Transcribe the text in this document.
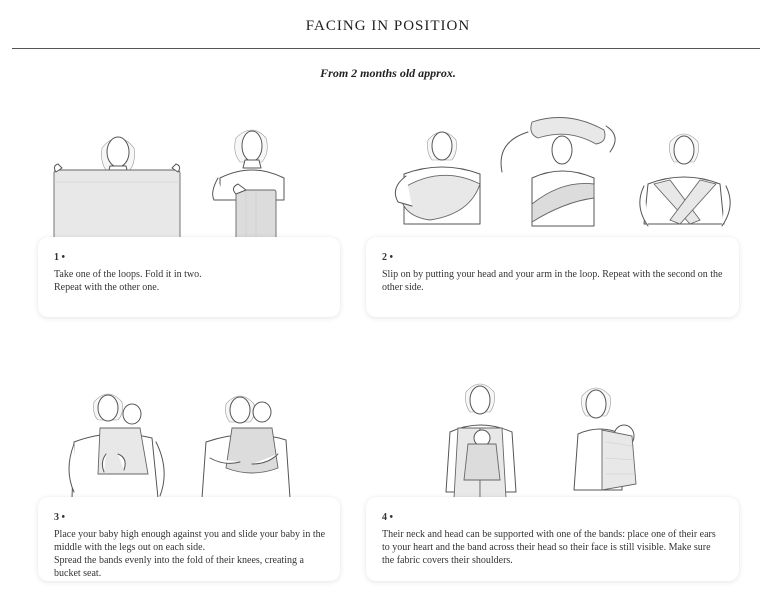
FACING IN POSITION
From 2 months old approx.
1 •
Take one of the loops. Fold it in two.
Repeat with the other one.
2 •
Slip on by putting your head and your arm in the loop. Repeat with the second on the other side.
3 •
Place your baby high enough against you and slide your baby in the middle with the legs out on each side.
Spread the bands evenly into the fold of their knees, creating a bucket seat.
4 •
Their neck and head can be supported with one of the bands: place one of their ears to your heart and the band across their head so their face is still visible. Make sure the fabric covers their shoulders.
